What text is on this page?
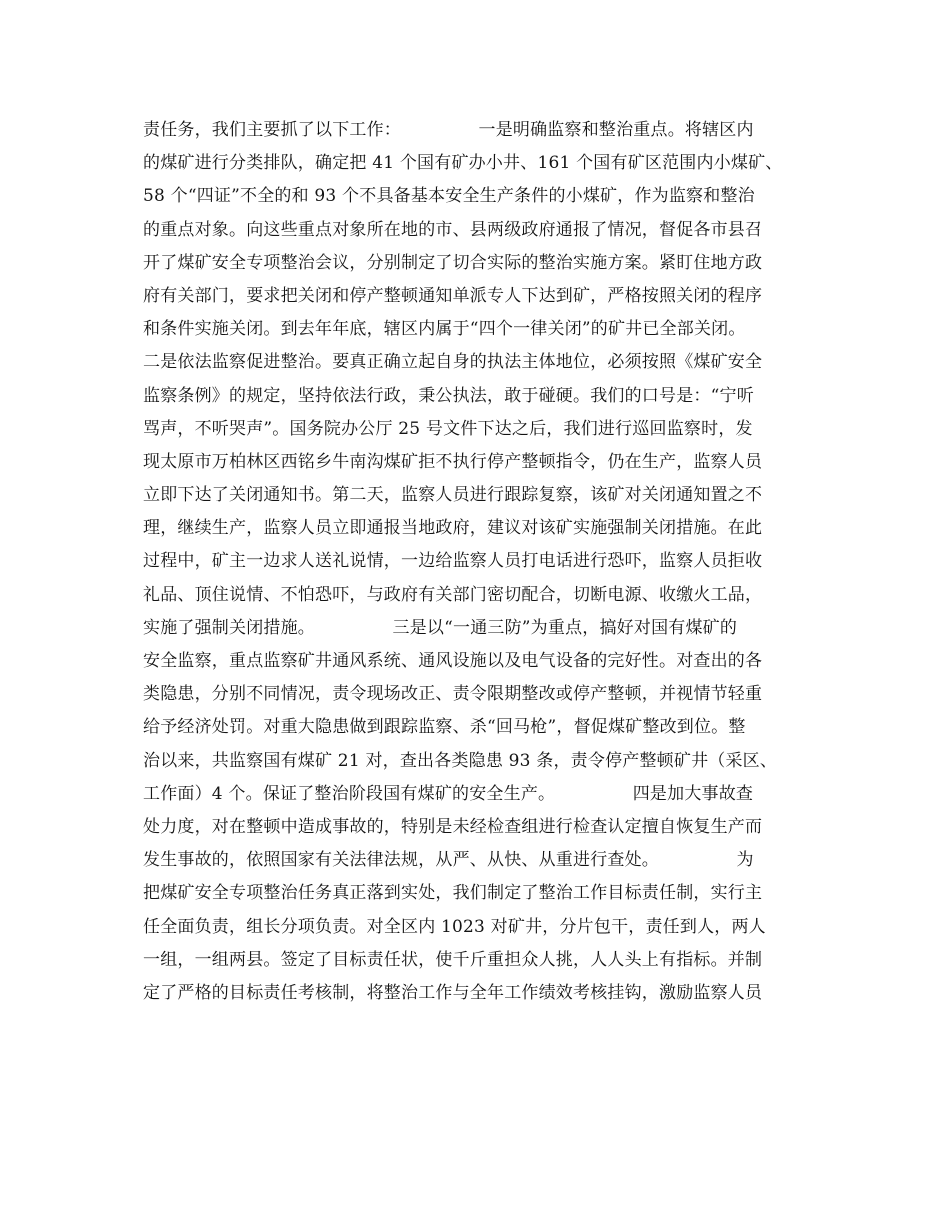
责任务，我们主要抓了以下工作：　　　　　一是明确监察和整治重点。将辖区内
的煤矿进行分类排队，确定把 41 个国有矿办小井、161 个国有矿区范围内小煤矿、
58 个“四证”不全的和 93 个不具备基本安全生产条件的小煤矿，作为监察和整治
的重点对象。向这些重点对象所在地的市、县两级政府通报了情况，督促各市县召
开了煤矿安全专项整治会议，分别制定了切合实际的整治实施方案。紧盯住地方政
府有关部门，要求把关闭和停产整顿通知单派专人下达到矿，严格按照关闭的程序
和条件实施关闭。到去年年底，辖区内属于“四个一律关闭”的矿井已全部关闭。
二是依法监察促进整治。要真正确立起自身的执法主体地位，必须按照《煤矿安全
监察条例》的规定，坚持依法行政，秉公执法，敢于碰硬。我们的口号是：“宁听
骂声，不听哭声”。国务院办公厅 25 号文件下达之后，我们进行巡回监察时，发
现太原市万柏林区西铭乡牛南沟煤矿拒不执行停产整顿指令，仍在生产，监察人员
立即下达了关闭通知书。第二天，监察人员进行跟踪复察，该矿对关闭通知置之不
理，继续生产，监察人员立即通报当地政府，建议对该矿实施强制关闭措施。在此
过程中，矿主一边求人送礼说情，一边给监察人员打电话进行恐吓，监察人员拒收
礼品、顶住说情、不怕恐吓，与政府有关部门密切配合，切断电源、收缴火工品，
实施了强制关闭措施。　　　　　三是以“一通三防”为重点，搞好对国有煤矿的
安全监察，重点监察矿井通风系统、通风设施以及电气设备的完好性。对查出的各
类隐患，分别不同情况，责令现场改正、责令限期整改或停产整顿，并视情节轻重
给予经济处罚。对重大隐患做到跟踪监察、杀“回马枪”，督促煤矿整改到位。整
治以来，共监察国有煤矿 21 对，查出各类隐患 93 条，责令停产整顿矿井（采区、
工作面）4 个。保证了整治阶段国有煤矿的安全生产。　　　　　四是加大事故查
处力度，对在整顿中造成事故的，特别是未经检查组进行检查认定擅自恢复生产而
发生事故的，依照国家有关法律法规，从严、从快、从重进行查处。　　　　　为
把煤矿安全专项整治任务真正落到实处，我们制定了整治工作目标责任制，实行主
任全面负责，组长分项负责。对全区内 1023 对矿井，分片包干，责任到人，两人
一组，一组两县。签定了目标责任状，使千斤重担众人挑，人人头上有指标。并制
定了严格的目标责任考核制，将整治工作与全年工作绩效考核挂钩，激励监察人员
